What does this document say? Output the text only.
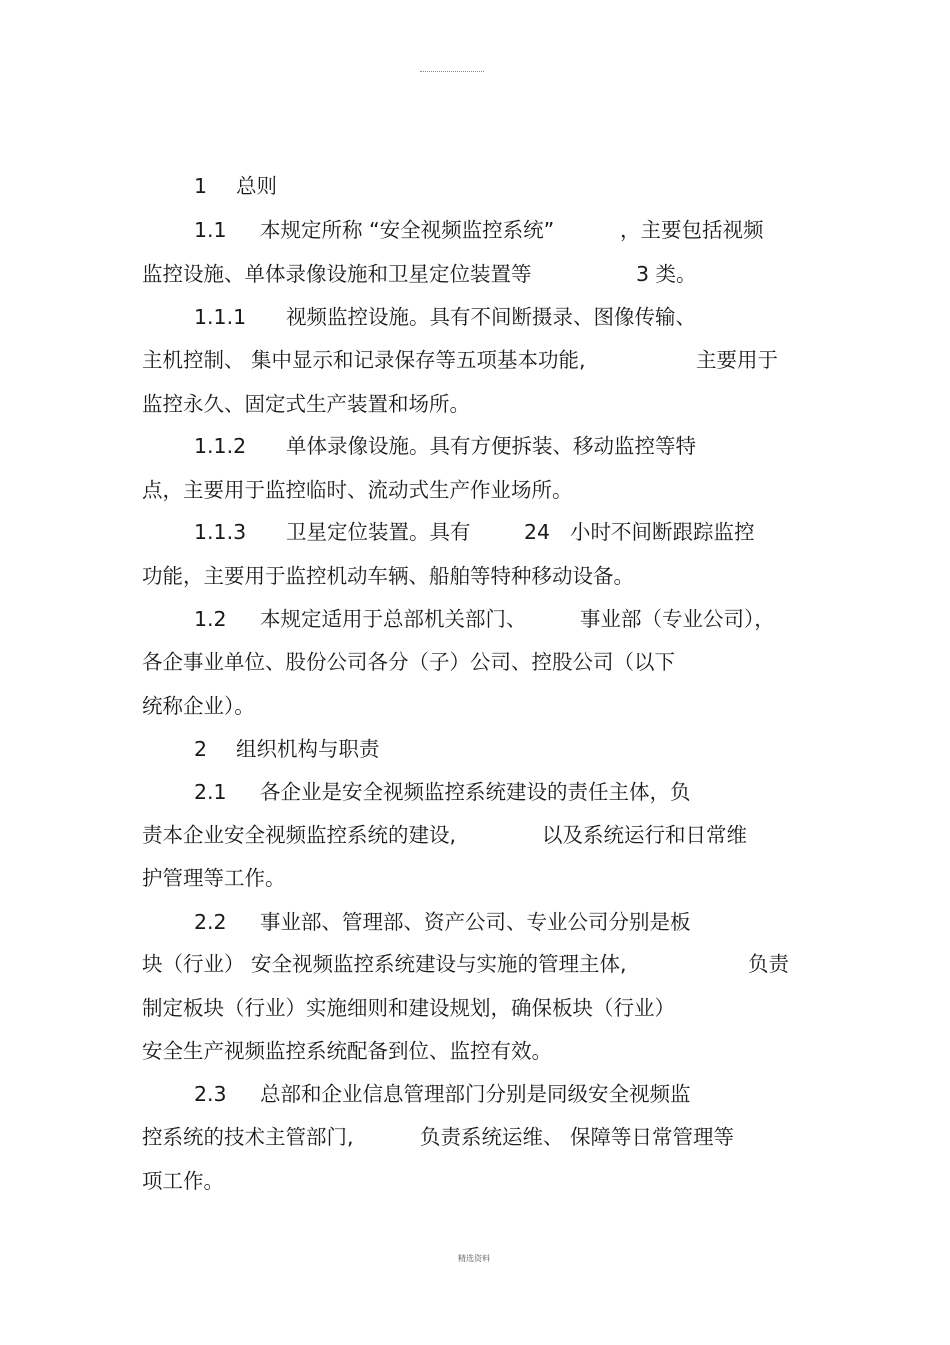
1 总则
1.1 本规定所称 “安全视频监控系统”	，主要包括视频
监控设施、单体录像设施和卫星定位装置等	3 类。
1.1.1 视频监控设施。具有不间断摄录、图像传输、
主机控制、 集中显示和记录保存等五项基本功能,	主要用于
监控永久、固定式生产装置和场所。
1.1.2 单体录像设施。具有方便拆装、移动监控等特
点，主要用于监控临时、流动式生产作业场所。
1.1.3 卫星定位装置。具有	24 小时不间断跟踪监控
功能，主要用于监控机动车辆、船舶等特种移动设备。
1.2 本规定适用于总部机关部门、	事业部（专业公司），
各企事业单位、股份公司各分（子）公司、控股公司（以下
统称企业）。
2 组织机构与职责
2.1 各企业是安全视频监控系统建设的责任主体，负
责本企业安全视频监控系统的建设,	以及系统运行和日常维
护管理等工作。
2.2 事业部、管理部、资产公司、专业公司分别是板
块（行业） 安全视频监控系统建设与实施的管理主体,	负责
制定板块（行业）实施细则和建设规划，确保板块（行业）
安全生产视频监控系统配备到位、监控有效。
2.3 总部和企业信息管理部门分别是同级安全视频监
控系统的技术主管部门,	负责系统运维、 保障等日常管理等
项工作。
精选资料
